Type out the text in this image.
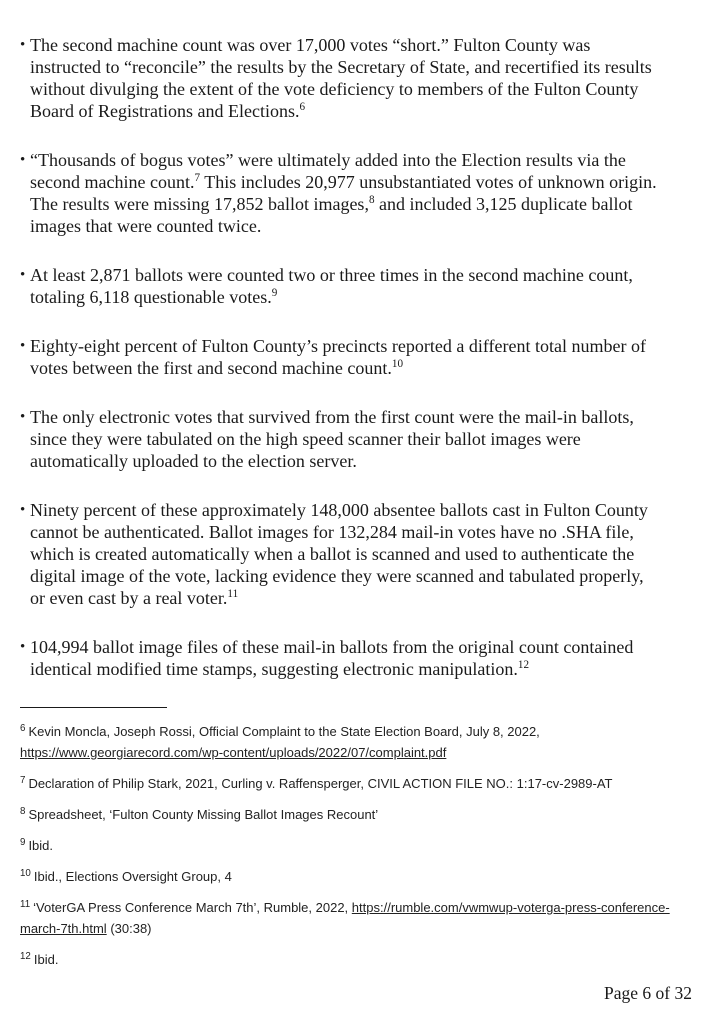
• The second machine count was over 17,000 votes “short.” Fulton County was instructed to “reconcile” the results by the Secretary of State, and recertified its results without divulging the extent of the vote deficiency to members of the Fulton County Board of Registrations and Elections.$^6$
• “Thousands of bogus votes” were ultimately added into the Election results via the second machine count.$^7$ This includes 20,977 unsubstantiated votes of unknown origin. The results were missing 17,852 ballot images,$^8$ and included 3,125 duplicate ballot images that were counted twice.
• At least 2,871 ballots were counted two or three times in the second machine count, totaling 6,118 questionable votes.$^9$
• Eighty-eight percent of Fulton County’s precincts reported a different total number of votes between the first and second machine count.$^{10}$
• The only electronic votes that survived from the first count were the mail-in ballots, since they were tabulated on the high speed scanner their ballot images were automatically uploaded to the election server.
• Ninety percent of these approximately 148,000 absentee ballots cast in Fulton County cannot be authenticated. Ballot images for 132,284 mail-in votes have no .SHA file, which is created automatically when a ballot is scanned and used to authenticate the digital image of the vote, lacking evidence they were scanned and tabulated properly, or even cast by a real voter.$^{11}$
• 104,994 ballot image files of these mail-in ballots from the original count contained identical modified time stamps, suggesting electronic manipulation.$^{12}$

$^6$ Kevin Moncla, Joseph Rossi, Official Complaint to the State Election Board, July 8, 2022, https://www.georgiarecord.com/wp-content/uploads/2022/07/complaint.pdf

$^7$ Declaration of Philip Stark, 2021, Curling v. Raffensperger, CIVIL ACTION FILE NO.: 1:17-cv-2989-AT

$^8$ Spreadsheet, ‘Fulton County Missing Ballot Images Recount’

$^9$ Ibid.

$^{10}$ Ibid., Elections Oversight Group, 4

$^{11}$ ‘VoterGA Press Conference March 7th’, Rumble, 2022, https://rumble.com/vwmwup-voterga-press-conference-march-7th.html (30:38)

$^{12}$ Ibid.

Page 6 of 32
